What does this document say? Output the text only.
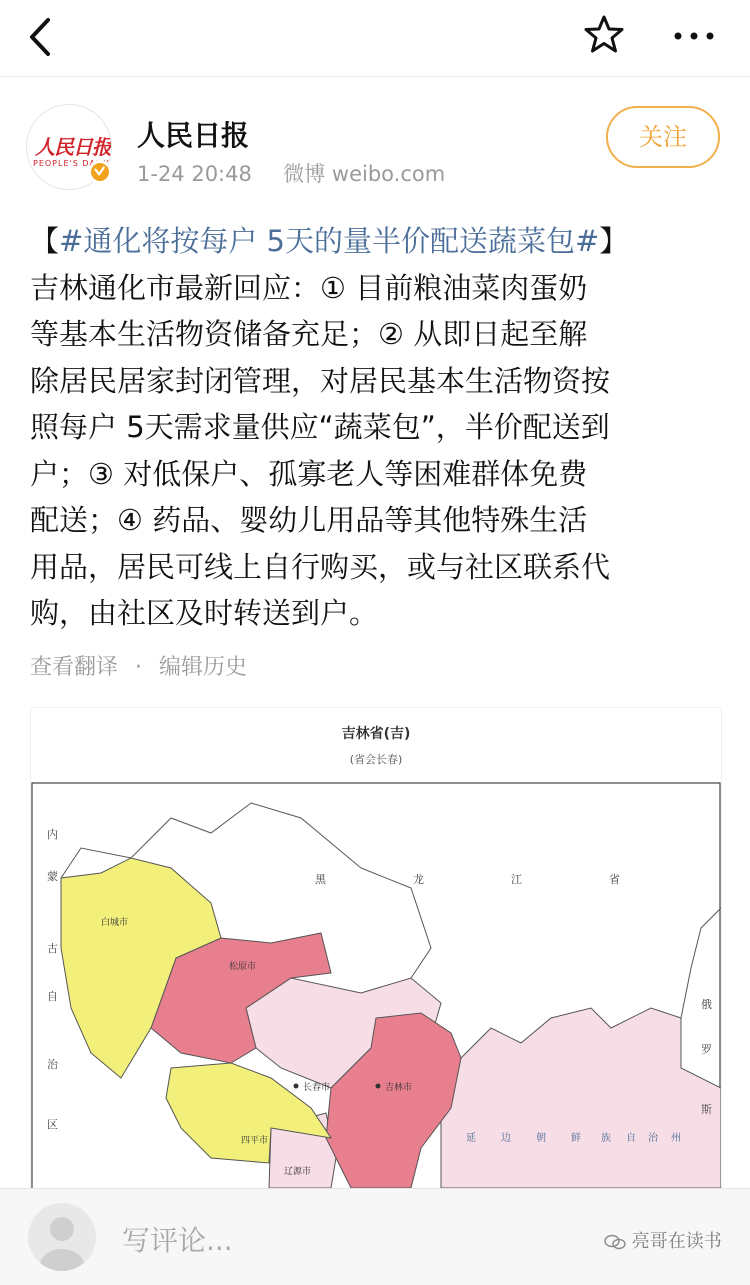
人民日报
PEOPLE'S DAILY
人民日报
1-24 20:48 微博 weibo.com
关注
【#通化将按每户 5天的量半价配送蔬菜包#】
吉林通化市最新回应：① 目前粮油菜肉蛋奶
等基本生活物资储备充足；② 从即日起至解
除居民居家封闭管理，对居民基本生活物资按
照每户 5天需求量供应“蔬菜包”，半价配送到
户；③ 对低保户、孤寡老人等困难群体免费
配送；④ 药品、婴幼儿用品等其他特殊生活
用品，居民可线上自行购买，或与社区联系代
购，由社区及时转送到户。
查看翻译 · 编辑历史
吉林省(吉)
(省会长春)
内
蒙
古
自
治
区
黑	龙	江	省
俄
罗
斯
白城市
松原市
长春市	吉林市
四平市
辽源市
延	边	朝	鲜 族 自 治 州
写评论...	亮哥在读书
